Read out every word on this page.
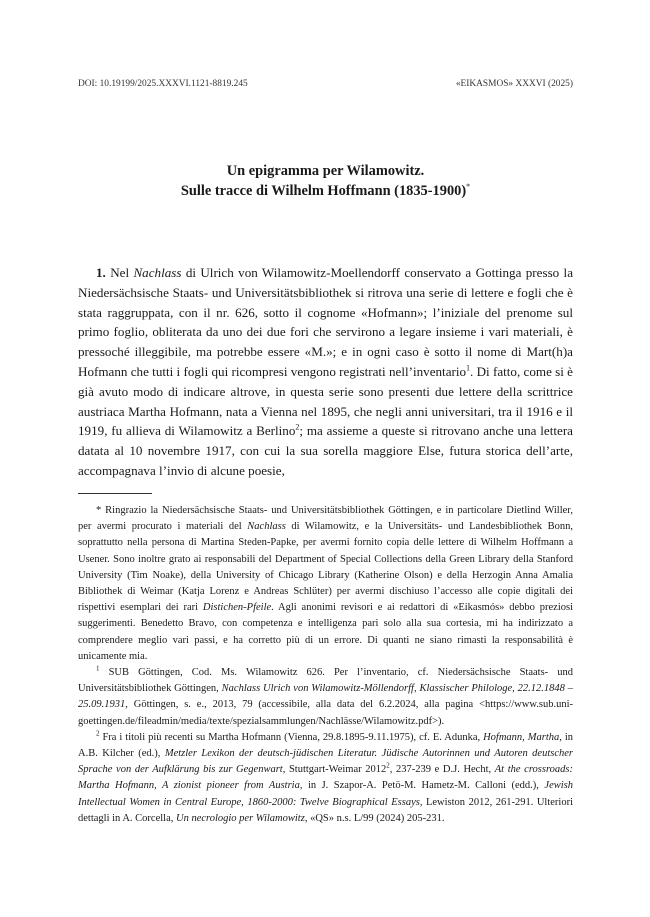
DOI: 10.19199/2025.XXXVI.1121-8819.245	«EIKASMOS» XXXVI (2025)
Un epigramma per Wilamowitz.
Sulle tracce di Wilhelm Hoffmann (1835-1900)*

1. Nel Nachlass di Ulrich von Wilamowitz-Moellendorff conservato a Gottinga presso la Niedersächsische Staats- und Universitätsbibliothek si ritrova una serie di lettere e fogli che è stata raggruppata, con il nr. 626, sotto il cognome «Hofmann»; l’iniziale del prenome sul primo foglio, obliterata da uno dei due fori che servirono a legare insieme i vari materiali, è pressoché illeggibile, ma potrebbe essere «M.»; e in ogni caso è sotto il nome di Mart(h)a Hofmann che tutti i fogli qui ricompresi vengono registrati nell’inventario$^1$. Di fatto, come si è già avuto modo di indicare altrove, in questa serie sono presenti due lettere della scrittrice austriaca Martha Hofmann, nata a Vienna nel 1895, che negli anni universitari, tra il 1916 e il 1919, fu allieva di Wilamowitz a Berlino$^2$; ma assieme a queste si ritrovano anche una lettera datata al 10 novembre 1917, con cui la sua sorella maggiore Else, futura storica dell’arte, accompagnava l’invio di alcune poesie,

* Ringrazio la Niedersächsische Staats- und Universitätsbibliothek Göttingen, e in particolare Dietlind Willer, per avermi procurato i materiali del Nachlass di Wilamowitz, e la Universitäts- und Landesbibliothek Bonn, soprattutto nella persona di Martina Steden-Papke, per avermi fornito copia delle lettere di Wilhelm Hoffmann a Usener. Sono inoltre grato ai responsabili del Department of Special Collections della Green Library della Stanford University (Tim Noake), della University of Chicago Library (Katherine Olson) e della Herzogin Anna Amalia Bibliothek di Weimar (Katja Lorenz e Andreas Schlüter) per avermi dischiuso l’accesso alle copie digitali dei rispettivi esemplari dei rari Distichen-Pfeile. Agli anonimi revisori e ai redattori di «Eikasmós» debbo preziosi suggerimenti. Benedetto Bravo, con competenza e intelligenza pari solo alla sua cortesia, mi ha indirizzato a comprendere meglio vari passi, e ha corretto più di un errore. Di quanti ne siano rimasti la responsabilità è unicamente mia.

$^1$ SUB Göttingen, Cod. Ms. Wilamowitz 626. Per l’inventario, cf. Niedersächsische Staats- und Universitätsbibliothek Göttingen, Nachlass Ulrich von Wilamowitz-Möllendorff, Klassischer Philologe, 22.12.1848 – 25.09.1931, Göttingen, s. e., 2013, 79 (accessibile, alla data del 6.2.2024, alla pagina <https://www.sub.uni-goettingen.de/fileadmin/media/texte/spezialsammlungen/Nachlässe/Wilamowitz.pdf>).

$^2$ Fra i titoli più recenti su Martha Hofmann (Vienna, 29.8.1895-9.11.1975), cf. E. Adunka, Hofmann, Martha, in A.B. Kilcher (ed.), Metzler Lexikon der deutsch-jüdischen Literatur. Jüdische Autorinnen und Autoren deutscher Sprache von der Aufklärung bis zur Gegenwart, Stuttgart-Weimar 2012$^2$, 237-239 e D.J. Hecht, At the crossroads: Martha Hofmann, A zionist pioneer from Austria, in J. Szapor-A. Petö-M. Hametz-M. Calloni (edd.), Jewish Intellectual Women in Central Europe, 1860-2000: Twelve Biographical Essays, Lewiston 2012, 261-291. Ulteriori dettagli in A. Corcella, Un necrologio per Wilamowitz, «QS» n.s. L/99 (2024) 205-231.
